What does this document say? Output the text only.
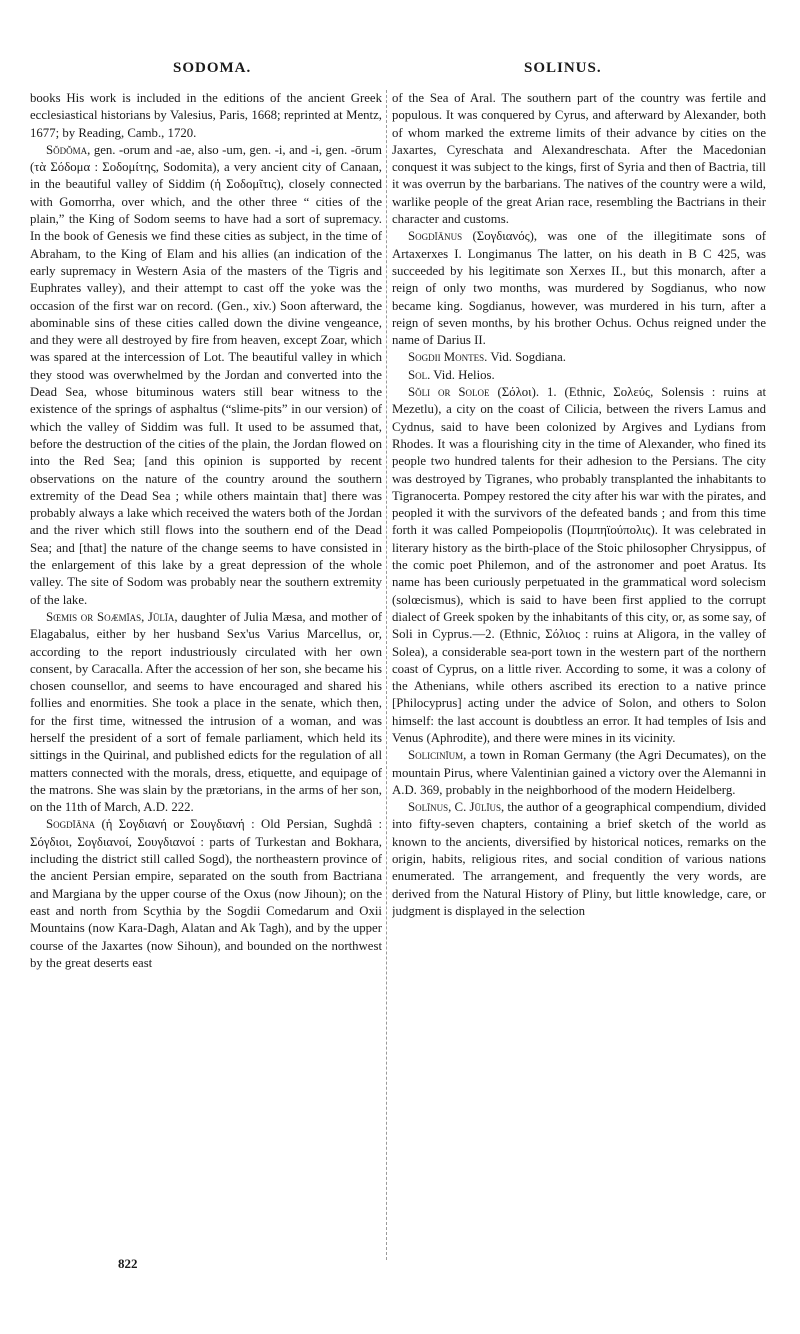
SODOMA.	SOLINUS.

books His work is included in the editions of the ancient Greek ecclesiastical historians by Valesius, Paris, 1668; reprinted at Mentz, 1677; by Reading, Camb., 1720.

Sŏdŏma, gen. -orum and -ae, also -um, gen. -i, and -i, gen. -ōrum (τὰ Σόδομα : Σοδομίτης, Sodomita), a very ancient city of Canaan, in the beautiful valley of Siddim (ἡ Σοδομῖτις), closely connected with Gomorrha, over which, and the other three “ cities of the plain,” the King of Sodom seems to have had a sort of supremacy. In the book of Genesis we find these cities as subject, in the time of Abraham, to the King of Elam and his allies (an indication of the early supremacy in Western Asia of the masters of the Tigris and Euphrates valley), and their attempt to cast off the yoke was the occasion of the first war on record. (Gen., xiv.) Soon afterward, the abominable sins of these cities called down the divine vengeance, and they were all destroyed by fire from heaven, except Zoar, which was spared at the intercession of Lot. The beautiful valley in which they stood was overwhelmed by the Jordan and converted into the Dead Sea, whose bituminous waters still bear witness to the existence of the springs of asphaltus (“slime-pits” in our version) of which the valley of Siddim was full. It used to be assumed that, before the destruction of the cities of the plain, the Jordan flowed on into the Red Sea; [and this opinion is supported by recent observations on the nature of the country around the southern extremity of the Dead Sea ; while others maintain that] there was probably always a lake which received the waters both of the Jordan and the river which still flows into the southern end of the Dead Sea; and [that] the nature of the change seems to have consisted in the enlargement of this lake by a great depression of the whole valley. The site of Sodom was probably near the southern extremity of the lake.

Sœmis or Soæmĭas, Jūlĭa, daughter of Julia Mæsa, and mother of Elagabalus, either by her husband Sex'us Varius Marcellus, or, according to the report industriously circulated with her own consent, by Caracalla. After the accession of her son, she became his chosen counsellor, and seems to have encouraged and shared his follies and enormities. She took a place in the senate, which then, for the first time, witnessed the intrusion of a woman, and was herself the president of a sort of female parliament, which held its sittings in the Quirinal, and published edicts for the regulation of all matters connected with the morals, dress, etiquette, and equipage of the matrons. She was slain by the prætorians, in the arms of her son, on the 11th of March, A.D. 222.

Sogdĭāna (ἡ Σογδιανή or Σουγδιανή : Old Persian, Sughdâ : Σόγδιοι, Σογδιανοί, Σουγδιανοί : parts of Turkestan and Bokhara, including the district still called Sogd), the northeastern province of the ancient Persian empire, separated on the south from Bactriana and Margiana by the upper course of the Oxus (now Jihoun); on the east and north from Scythia by the Sogdii Comedarum and Oxii Mountains (now Kara-Dagh, Alatan and Ak Tagh), and by the upper course of the Jaxartes (now Sihoun), and bounded on the northwest by the great deserts east

of the Sea of Aral. The southern part of the country was fertile and populous. It was conquered by Cyrus, and afterward by Alexander, both of whom marked the extreme limits of their advance by cities on the Jaxartes, Cyreschata and Alexandreschata. After the Macedonian conquest it was subject to the kings, first of Syria and then of Bactria, till it was overrun by the barbarians. The natives of the country were a wild, warlike people of the great Arian race, resembling the Bactrians in their character and customs.

Sogdĭānus (Σογδιανός), was one of the illegitimate sons of Artaxerxes I. Longimanus The latter, on his death in B C 425, was succeeded by his legitimate son Xerxes II., but this monarch, after a reign of only two months, was murdered by Sogdianus, who now became king. Sogdianus, however, was murdered in his turn, after a reign of seven months, by his brother Ochus. Ochus reigned under the name of Darius II.

Sogdii Montes. Vid. Sogdiana.

Sol. Vid. Helios.

Sŏli or Soloe (Σόλοι). 1. (Ethnic, Σολεύς, Solensis : ruins at Mezetlu), a city on the coast of Cilicia, between the rivers Lamus and Cydnus, said to have been colonized by Argives and Lydians from Rhodes. It was a flourishing city in the time of Alexander, who fined its people two hundred talents for their adhesion to the Persians. The city was destroyed by Tigranes, who probably transplanted the inhabitants to Tigranocerta. Pompey restored the city after his war with the pirates, and peopled it with the survivors of the defeated bands ; and from this time forth it was called Pompeiopolis (Πομπηϊούπολις). It was celebrated in literary history as the birth-place of the Stoic philosopher Chrysippus, of the comic poet Philemon, and of the astronomer and poet Aratus. Its name has been curiously perpetuated in the grammatical word solecism (solœcismus), which is said to have been first applied to the corrupt dialect of Greek spoken by the inhabitants of this city, or, as some say, of Soli in Cyprus.—2. (Ethnic, Σόλιος : ruins at Aligora, in the valley of Solea), a considerable sea-port town in the western part of the northern coast of Cyprus, on a little river. According to some, it was a colony of the Athenians, while others ascribed its erection to a native prince [Philocyprus] acting under the advice of Solon, and others to Solon himself: the last account is doubtless an error. It had temples of Isis and Venus (Aphrodite), and there were mines in its vicinity.

Solicinĭum, a town in Roman Germany (the Agri Decumates), on the mountain Pirus, where Valentinian gained a victory over the Alemanni in A.D. 369, probably in the neighborhood of the modern Heidelberg.

Solīnus, C. Jūlĭus, the author of a geographical compendium, divided into fifty-seven chapters, containing a brief sketch of the world as known to the ancients, diversified by historical notices, remarks on the origin, habits, religious rites, and social condition of various nations enumerated. The arrangement, and frequently the very words, are derived from the Natural History of Pliny, but little knowledge, care, or judgment is displayed in the selection

822
